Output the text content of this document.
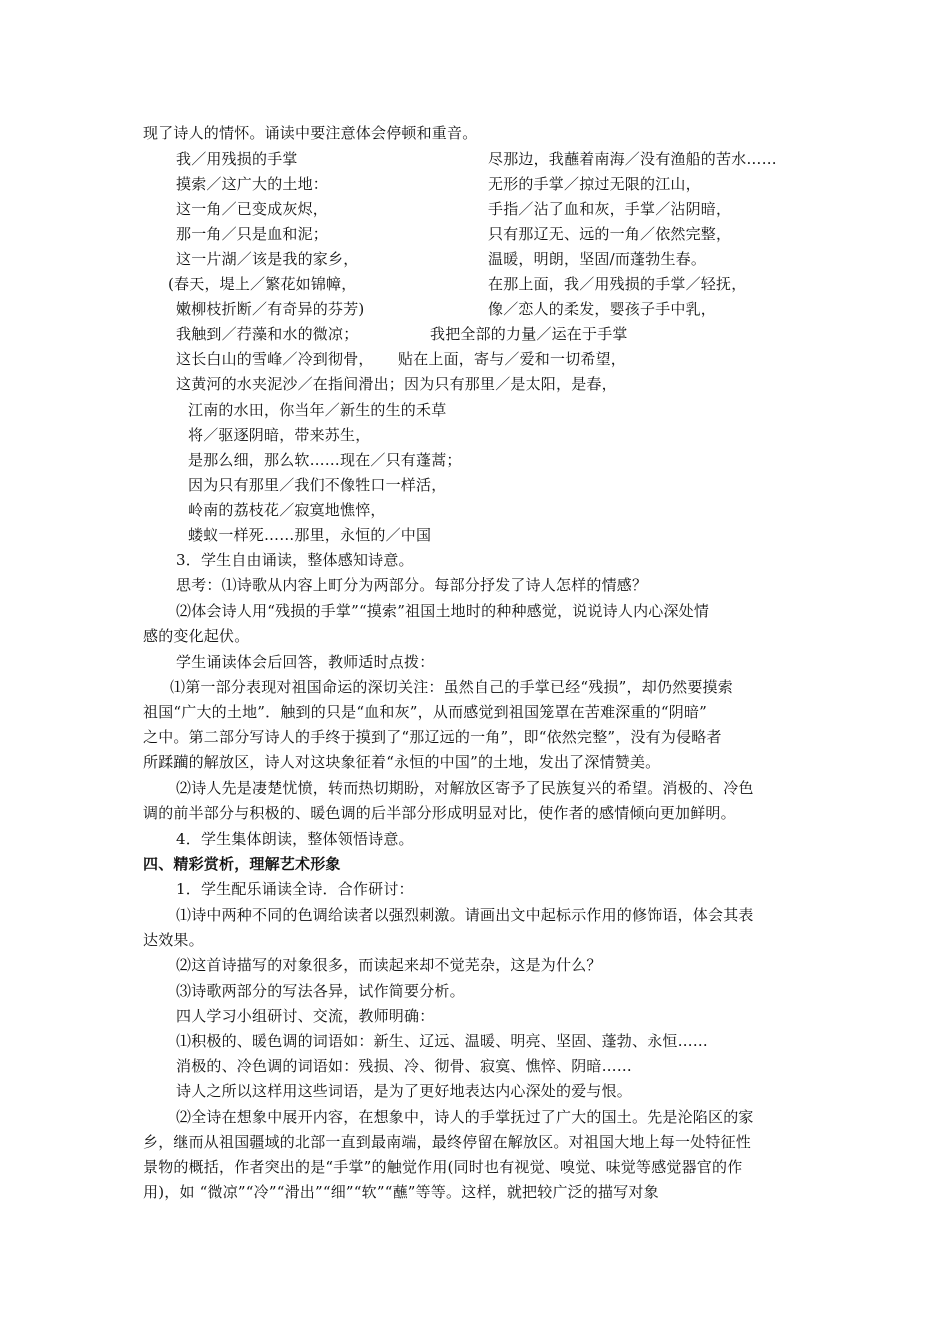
现了诗人的情怀。诵读中要注意体会停顿和重音。
我／用残损的手掌
摸索／这广大的土地：
这一角／已变成灰烬，
那一角／只是血和泥；
这一片湖／该是我的家乡，
(春天，堤上／繁花如锦幛，
嫩柳枝折断／有奇异的芬芳)
尽那边，我蘸着南海／没有渔船的苦水……
无形的手掌／掠过无限的江山，
手指／沾了血和灰，手掌／沾阴暗，
只有那辽无、远的一角／依然完整，
温暖，明朗，坚固/而蓬勃生春。
在那上面，我／用残损的手掌／轻抚，
像／恋人的柔发，婴孩子手中乳，
我触到／荇藻和水的微凉；	我把全部的力量／运在于手掌
这长白山的雪峰／冷到彻骨， 贴在上面，寄与／爱和一切希望，
这黄河的水夹泥沙／在指间滑出；因为只有那里／是太阳，是春，
江南的水田，你当年／新生的生的禾草
将／驱逐阴暗，带来苏生，
是那么细，那么软……现在／只有蓬蒿；
因为只有那里／我们不像牲口一样活，
岭南的荔枝花／寂寞地憔悴，
蝼蚁一样死……那里，永恒的／中国
3．学生自由诵读，整体感知诗意。
思考：⑴诗歌从内容上町分为两部分。每部分抒发了诗人怎样的情感？
⑵体会诗人用“残损的手掌”“摸索”祖国土地时的种种感觉，说说诗人内心深处情
感的变化起伏。
学生诵读体会后回答，教师适时点拨：
⑴第一部分表现对祖国命运的深切关注：虽然自己的手掌已经“残损”，却仍然要摸索
祖国“广大的土地”．触到的只是“血和灰”，从而感觉到祖国笼罩在苦难深重的“阴暗”
之中。第二部分写诗人的手终于摸到了“那辽远的一角”，即“依然完整”，没有为侵略者
所蹂躏的解放区，诗人对这块象征着“永恒的中国”的土地，发出了深情赞美。
⑵诗人先是凄楚忧愤，转而热切期盼，对解放区寄予了民族复兴的希望。消极的、冷色
调的前半部分与积极的、暖色调的后半部分形成明显对比，使作者的感情倾向更加鲜明。
4．学生集体朗读，整体领悟诗意。
四、精彩赏析，理解艺术形象
1．学生配乐诵读全诗．合作研讨：
⑴诗中两种不同的色调给读者以强烈刺激。请画出文中起标示作用的修饰语，体会其表
达效果。
⑵这首诗描写的对象很多，而读起来却不觉芜杂，这是为什么？
⑶诗歌两部分的写法各异，试作简要分析。
四人学习小组研讨、交流，教师明确：
⑴积极的、暖色调的词语如：新生、辽远、温暖、明亮、坚固、蓬勃、永恒……
消极的、冷色调的词语如：残损、冷、彻骨、寂寞、憔悴、阴暗……
诗人之所以这样用这些词语，是为了更好地表达内心深处的爱与恨。
⑵全诗在想象中展开内容，在想象中，诗人的手掌抚过了广大的国土。先是沦陷区的家
乡，继而从祖国疆域的北部一直到最南端，最终停留在解放区。对祖国大地上每一处特征性
景物的概括，作者突出的是“手掌”的触觉作用(同时也有视觉、嗅觉、味觉等感觉器官的作
用)，如 “微凉”“冷”“滑出”“细”“软”“蘸”等等。这样，就把较广泛的描写对象
